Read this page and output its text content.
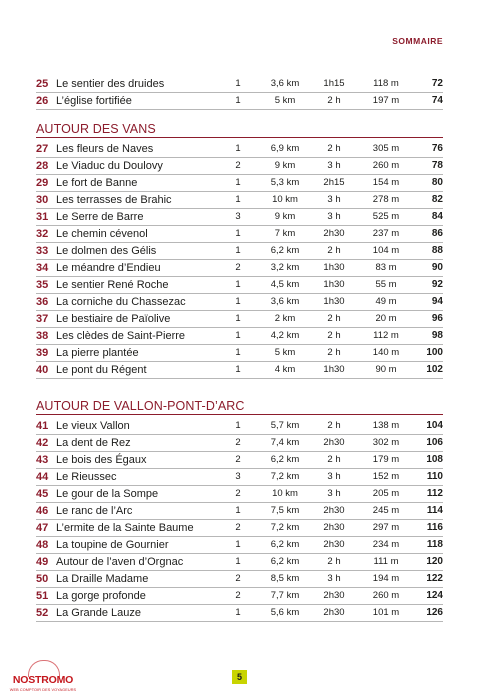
SOMMAIRE
25 Le sentier des druides	1	3,6 km	1h15	118 m	72
26 L’église fortifiée	1	5 km	2 h	197 m	74
AUTOUR DES VANS
27 Les fleurs de Naves	1	6,9 km	2 h	305 m	76
28 Le Viaduc du Doulovy	2	9 km	3 h	260 m	78
29 Le fort de Banne	1	5,3 km	2h15	154 m	80
30 Les terrasses de Brahic	1	10 km	3 h	278 m	82
31 Le Serre de Barre	3	9 km	3 h	525 m	84
32 Le chemin cévenol	1	7 km	2h30	237 m	86
33 Le dolmen des Gélis	1	6,2 km	2 h	104 m	88
34 Le méandre d’Endieu	2	3,2 km	1h30	83 m	90
35 Le sentier René Roche	1	4,5 km	1h30	55 m	92
36 La corniche du Chassezac	1	3,6 km	1h30	49 m	94
37 Le bestiaire de Païolive	1	2 km	2 h	20 m	96
38 Les clèdes de Saint-Pierre	1	4,2 km	2 h	112 m	98
39 La pierre plantée	1	5 km	2 h	140 m	100
40 Le pont du Régent	1	4 km	1h30	90 m	102
AUTOUR DE VALLON-PONT-D’ARC
41 Le vieux Vallon	1	5,7 km	2 h	138 m	104
42 La dent de Rez	2	7,4 km	2h30	302 m	106
43 Le bois des Égaux	2	6,2 km	2 h	179 m	108
44 Le Rieussec	3	7,2 km	3 h	152 m	110
45 Le gour de la Sompe	2	10 km	3 h	205 m	112
46 Le ranc de l’Arc	1	7,5 km	2h30	245 m	114
47 L’ermite de la Sainte Baume	2	7,2 km	2h30	297 m	116
48 La toupine de Gournier	1	6,2 km	2h30	234 m	118
49 Autour de l’aven d’Orgnac	1	6,2 km	2 h	111 m	120
50 La Draille Madame	2	8,5 km	3 h	194 m	122
51 La gorge profonde	2	7,7 km	2h30	260 m	124
52 La Grande Lauze	1	5,6 km	2h30	101 m	126
NOSTROMO
WEB COMPTOIR DES VOYAGEURS
5
